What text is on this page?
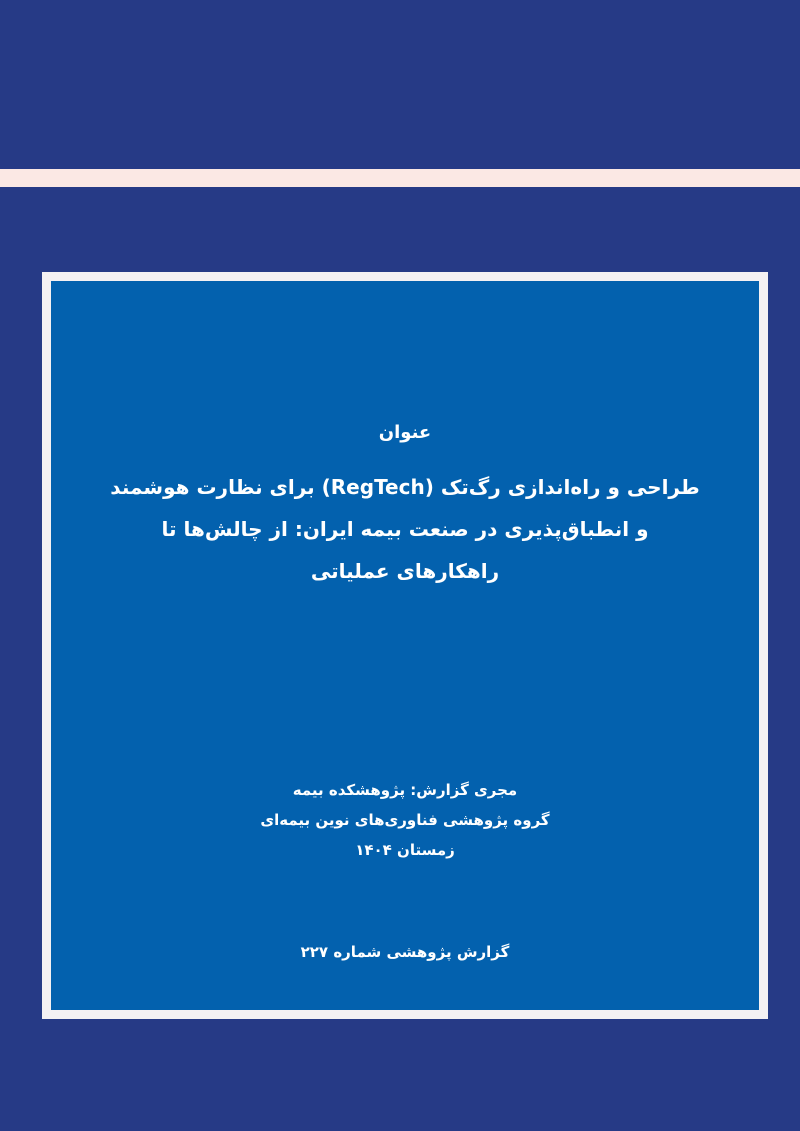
عنوان
طراحی و راه‌اندازی رگ‌تک (RegTech) برای نظارت هوشمند
و انطباق‌پذیری در صنعت بیمه ایران: از چالش‌ها تا
راهکارهای عملیاتی
مجری گزارش: پژوهشکده بیمه
گروه پژوهشی فناوری‌های نوین بیمه‌ای
زمستان ۱۴۰۴
گزارش پژوهشی شماره ۲۲۷
